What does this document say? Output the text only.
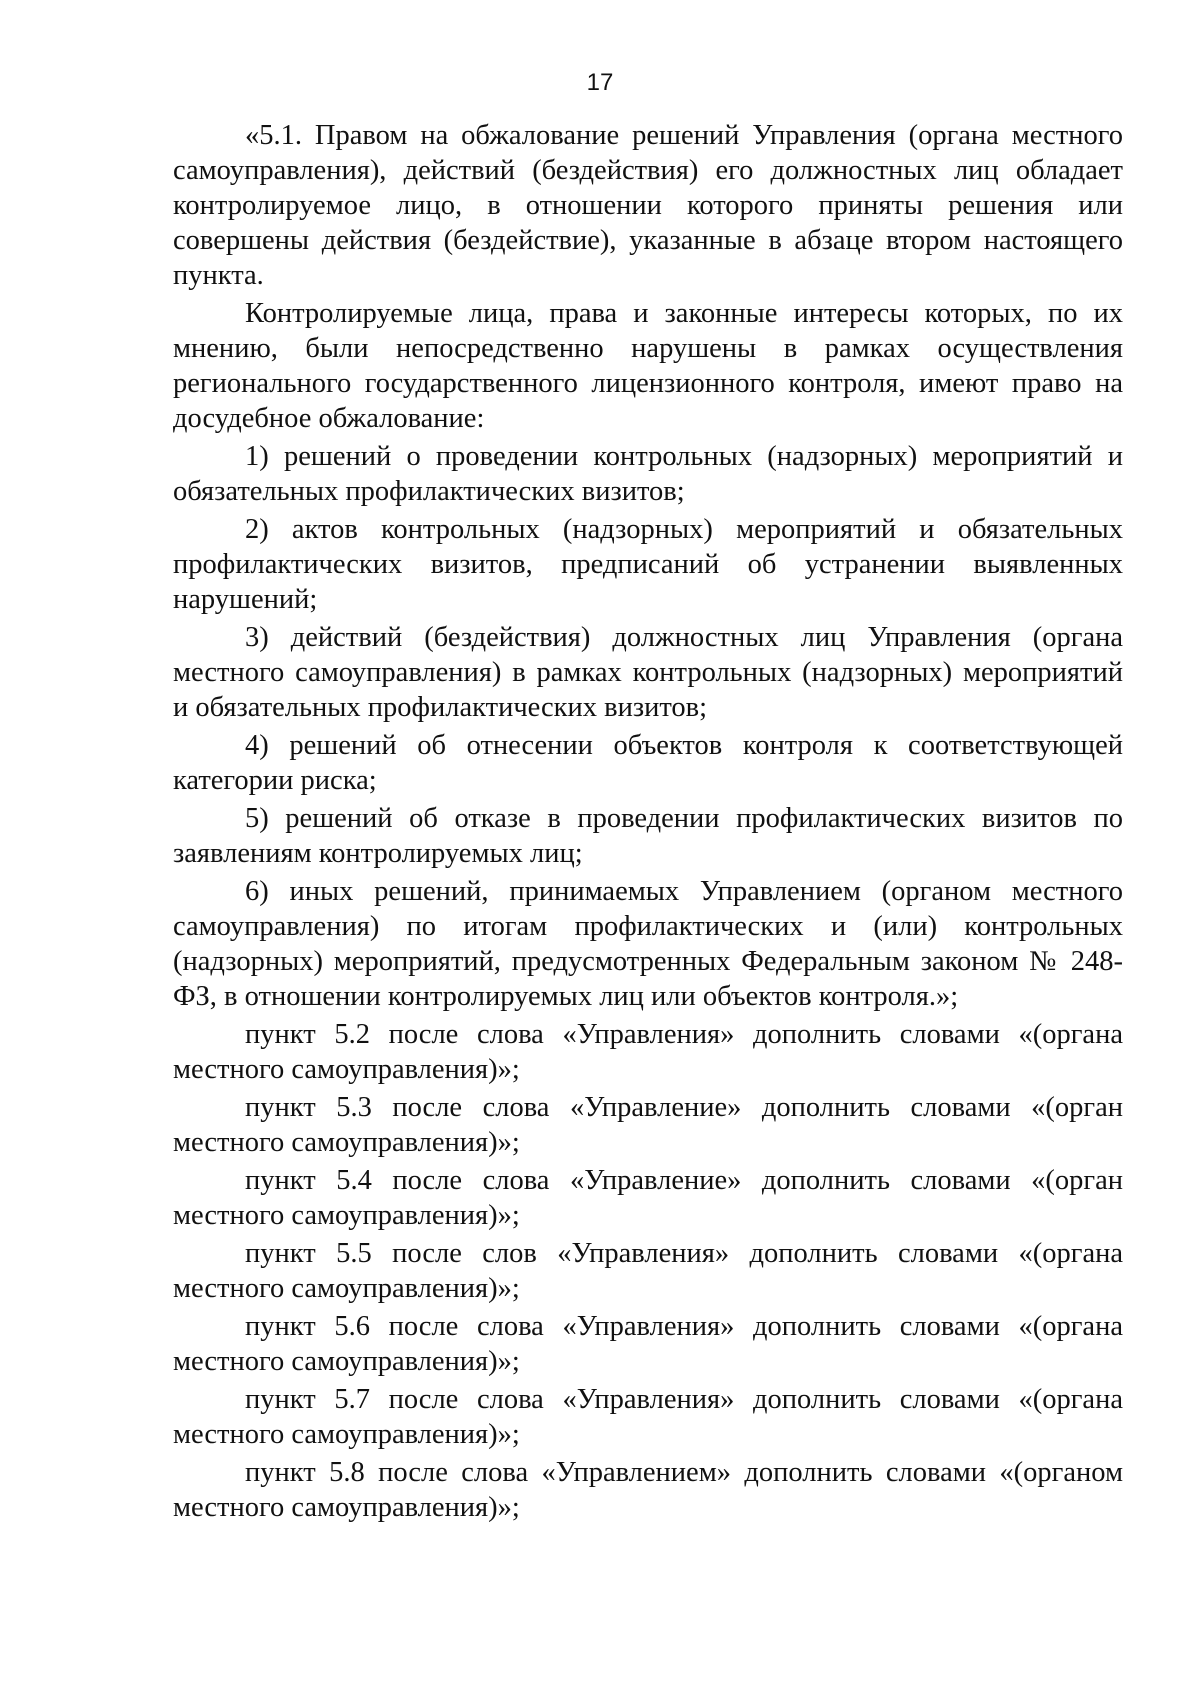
17

«5.1. Правом на обжалование решений Управления (органа местного самоуправления), действий (бездействия) его должностных лиц обладает контролируемое лицо, в отношении которого приняты решения или совершены действия (бездействие), указанные в абзаце втором настоящего пункта.

Контролируемые лица, права и законные интересы которых, по их мнению, были непосредственно нарушены в рамках осуществления регионального государственного лицензионного контроля, имеют право на досудебное обжалование:

1) решений о проведении контрольных (надзорных) мероприятий и обязательных профилактических визитов;

2) актов контрольных (надзорных) мероприятий и обязательных профилактических визитов, предписаний об устранении выявленных нарушений;

3) действий (бездействия) должностных лиц Управления (органа местного самоуправления) в рамках контрольных (надзорных) мероприятий и обязательных профилактических визитов;

4) решений об отнесении объектов контроля к соответствующей категории риска;

5) решений об отказе в проведении профилактических визитов по заявлениям контролируемых лиц;

6) иных решений, принимаемых Управлением (органом местного самоуправления) по итогам профилактических и (или) контрольных (надзорных) мероприятий, предусмотренных Федеральным законом № 248-ФЗ, в отношении контролируемых лиц или объектов контроля.»;

пункт 5.2 после слова «Управления» дополнить словами «(органа местного самоуправления)»;

пункт 5.3 после слова «Управление» дополнить словами «(орган местного самоуправления)»;

пункт 5.4 после слова «Управление» дополнить словами «(орган местного самоуправления)»;

пункт 5.5 после слов «Управления» дополнить словами «(органа местного самоуправления)»;

пункт 5.6 после слова «Управления» дополнить словами «(органа местного самоуправления)»;

пункт 5.7 после слова «Управления» дополнить словами «(органа местного самоуправления)»;

пункт 5.8 после слова «Управлением» дополнить словами «(органом местного самоуправления)»;
